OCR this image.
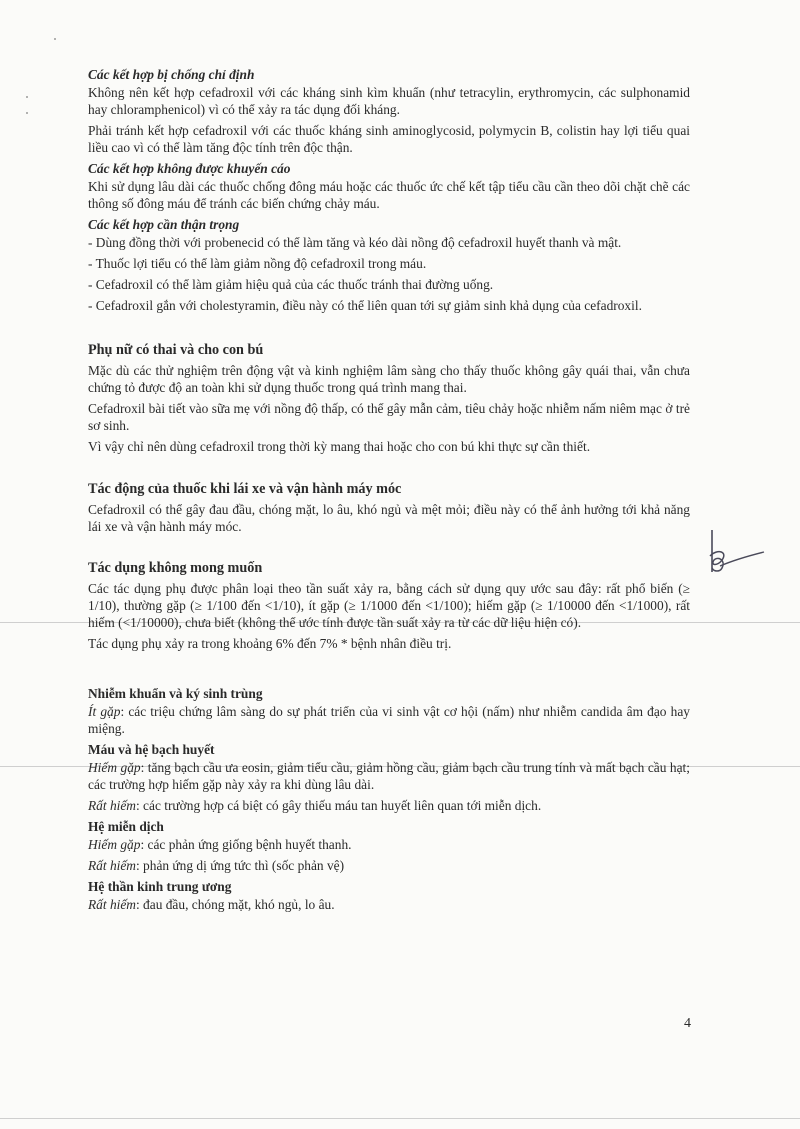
Các kết hợp bị chống chỉ định

Không nên kết hợp cefadroxil với các kháng sinh kìm khuẩn (như tetracylin, erythromycin, các sulphonamid hay chloramphenicol) vì có thể xảy ra tác dụng đối kháng.

Phải tránh kết hợp cefadroxil với các thuốc kháng sinh aminoglycosid, polymycin B, colistin hay lợi tiểu quai liều cao vì có thể làm tăng độc tính trên độc thận.

Các kết hợp không được khuyến cáo

Khi sử dụng lâu dài các thuốc chống đông máu hoặc các thuốc ức chế kết tập tiểu cầu cần theo dõi chặt chẽ các thông số đông máu để tránh các biến chứng chảy máu.

Các kết hợp cần thận trọng

- Dùng đồng thời với probenecid có thể làm tăng và kéo dài nồng độ cefadroxil huyết thanh và mật.

- Thuốc lợi tiểu có thể làm giảm nồng độ cefadroxil trong máu.

- Cefadroxil có thể làm giảm hiệu quả của các thuốc tránh thai đường uống.

- Cefadroxil gắn với cholestyramin, điều này có thể liên quan tới sự giảm sinh khả dụng của cefadroxil.

Phụ nữ có thai và cho con bú

Mặc dù các thử nghiệm trên động vật và kinh nghiệm lâm sàng cho thấy thuốc không gây quái thai, vẫn chưa chứng tỏ được độ an toàn khi sử dụng thuốc trong quá trình mang thai.

Cefadroxil bài tiết vào sữa mẹ với nồng độ thấp, có thể gây mẫn cảm, tiêu chảy hoặc nhiễm nấm niêm mạc ở trẻ sơ sinh.

Vì vậy chỉ nên dùng cefadroxil trong thời kỳ mang thai hoặc cho con bú khi thực sự cần thiết.

Tác động của thuốc khi lái xe và vận hành máy móc

Cefadroxil có thể gây đau đầu, chóng mặt, lo âu, khó ngủ và mệt mỏi; điều này có thể ảnh hưởng tới khả năng lái xe và vận hành máy móc.

Tác dụng không mong muốn

Các tác dụng phụ được phân loại theo tần suất xảy ra, bằng cách sử dụng quy ước sau đây: rất phổ biến (≥ 1/10), thường gặp (≥ 1/100 đến <1/10), ít gặp (≥ 1/1000 đến <1/100); hiếm gặp (≥ 1/10000 đến <1/1000), rất hiếm (<1/10000), chưa biết (không thể ước tính được tần suất xảy ra từ các dữ liệu hiện có).

Tác dụng phụ xảy ra trong khoảng 6% đến 7% * bệnh nhân điều trị.

Nhiễm khuẩn và ký sinh trùng

Ít gặp: các triệu chứng lâm sàng do sự phát triển của vi sinh vật cơ hội (nấm) như nhiễm candida âm đạo hay miệng.

Máu và hệ bạch huyết

Hiếm gặp: tăng bạch cầu ưa eosin, giảm tiểu cầu, giảm hồng cầu, giảm bạch cầu trung tính và mất bạch cầu hạt; các trường hợp hiếm gặp này xảy ra khi dùng lâu dài.

Rất hiếm: các trường hợp cá biệt có gây thiếu máu tan huyết liên quan tới miễn dịch.

Hệ miễn dịch

Hiếm gặp: các phản ứng giống bệnh huyết thanh.

Rất hiếm: phản ứng dị ứng tức thì (sốc phản vệ)

Hệ thần kinh trung ương

Rất hiếm: đau đầu, chóng mặt, khó ngủ, lo âu.

4
